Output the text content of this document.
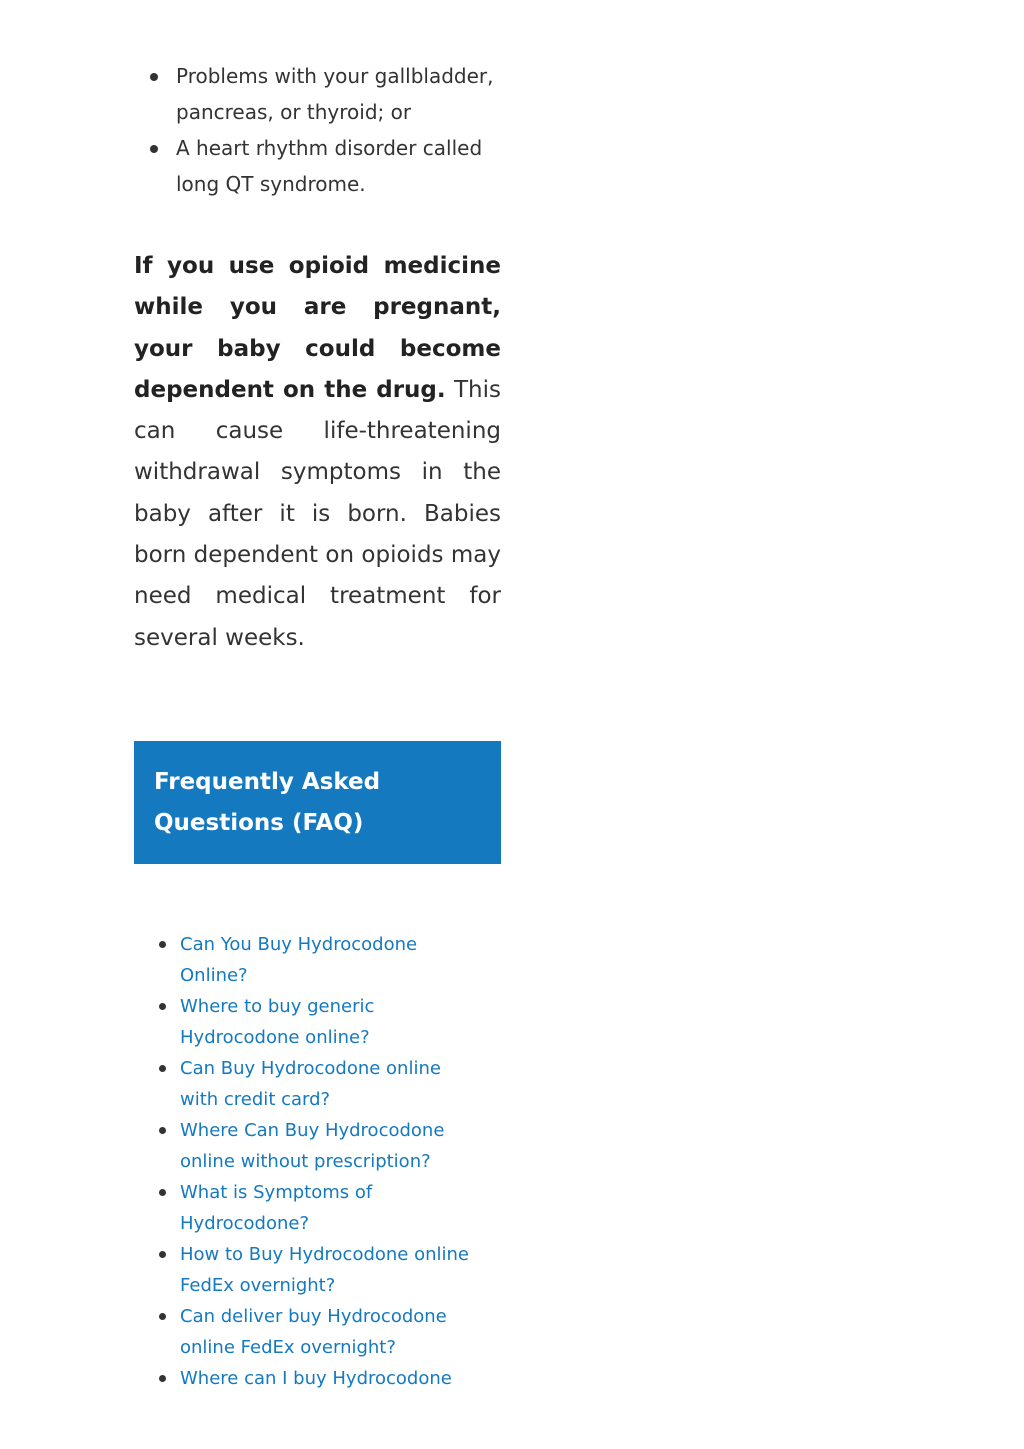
Problems with your gallbladder, pancreas, or thyroid; or
A heart rhythm disorder called long QT syndrome.

If you use opioid medicine while you are pregnant, your baby could become dependent on the drug. This can cause life-threatening withdrawal symptoms in the baby after it is born. Babies born dependent on opioids may need medical treatment for several weeks.

Frequently Asked Questions (FAQ)
Can You Buy Hydrocodone Online?
Where to buy generic Hydrocodone online?
Can Buy Hydrocodone online with credit card?
Where Can Buy Hydrocodone online without prescription?
What is Symptoms of Hydrocodone?
How to Buy Hydrocodone online FedEx overnight?
Can deliver buy Hydrocodone online FedEx overnight?
Where can I buy Hydrocodone
